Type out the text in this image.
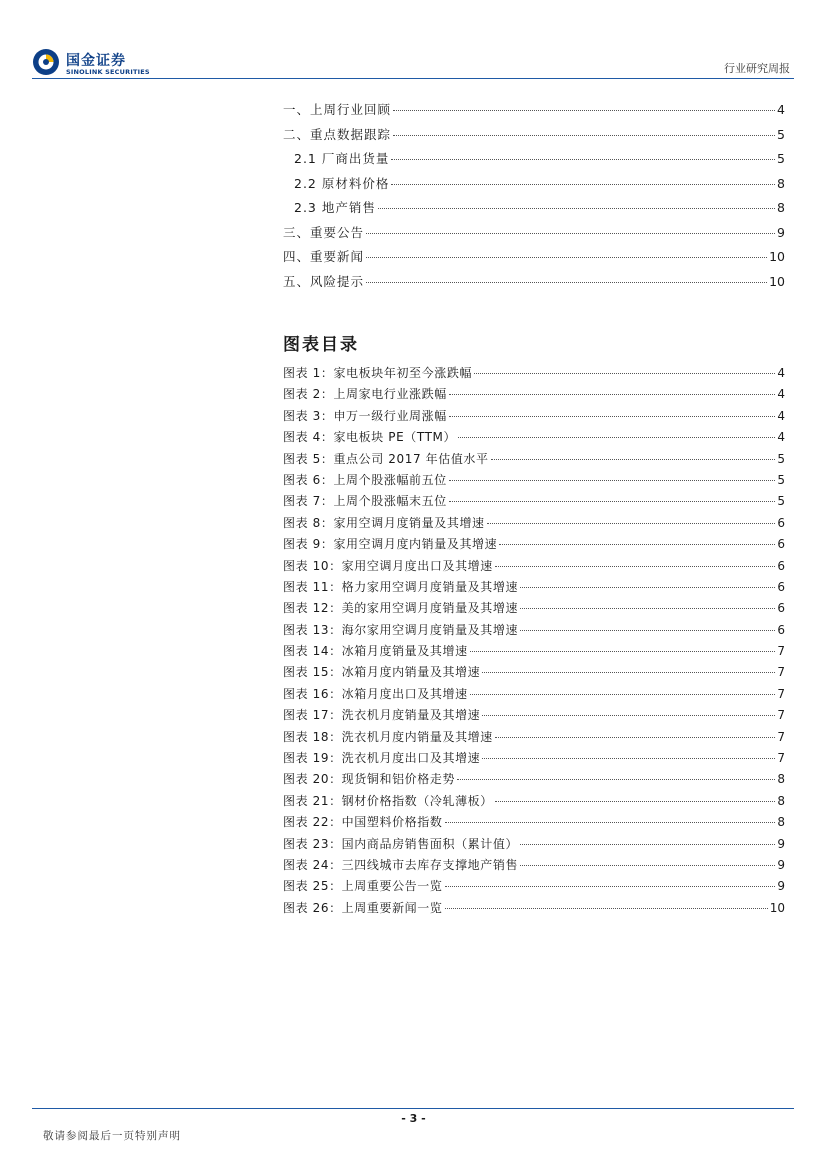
国金证券
SINOLINK SECURITIES	行业研究周报
一、上周行业回顾	4
二、重点数据跟踪	5
2.1 厂商出货量	5
2.2 原材料价格	8
2.3 地产销售	8
三、重要公告	9
四、重要新闻	10
五、风险提示	10
图表目录
图表 1：家电板块年初至今涨跌幅	4
图表 2：上周家电行业涨跌幅	4
图表 3：申万一级行业周涨幅	4
图表 4：家电板块 PE（TTM）	4
图表 5：重点公司 2017 年估值水平	5
图表 6：上周个股涨幅前五位	5
图表 7：上周个股涨幅末五位	5
图表 8：家用空调月度销量及其增速	6
图表 9：家用空调月度内销量及其增速	6
图表 10：家用空调月度出口及其增速	6
图表 11：格力家用空调月度销量及其增速	6
图表 12：美的家用空调月度销量及其增速	6
图表 13：海尔家用空调月度销量及其增速	6
图表 14：冰箱月度销量及其增速	7
图表 15：冰箱月度内销量及其增速	7
图表 16：冰箱月度出口及其增速	7
图表 17：洗衣机月度销量及其增速	7
图表 18：洗衣机月度内销量及其增速	7
图表 19：洗衣机月度出口及其增速	7
图表 20：现货铜和铝价格走势	8
图表 21：钢材价格指数（冷轧薄板）	8
图表 22：中国塑料价格指数	8
图表 23：国内商品房销售面积（累计值）	9
图表 24：三四线城市去库存支撑地产销售	9
图表 25：上周重要公告一览	9
图表 26：上周重要新闻一览	10
- 3 -
敬请参阅最后一页特别声明
